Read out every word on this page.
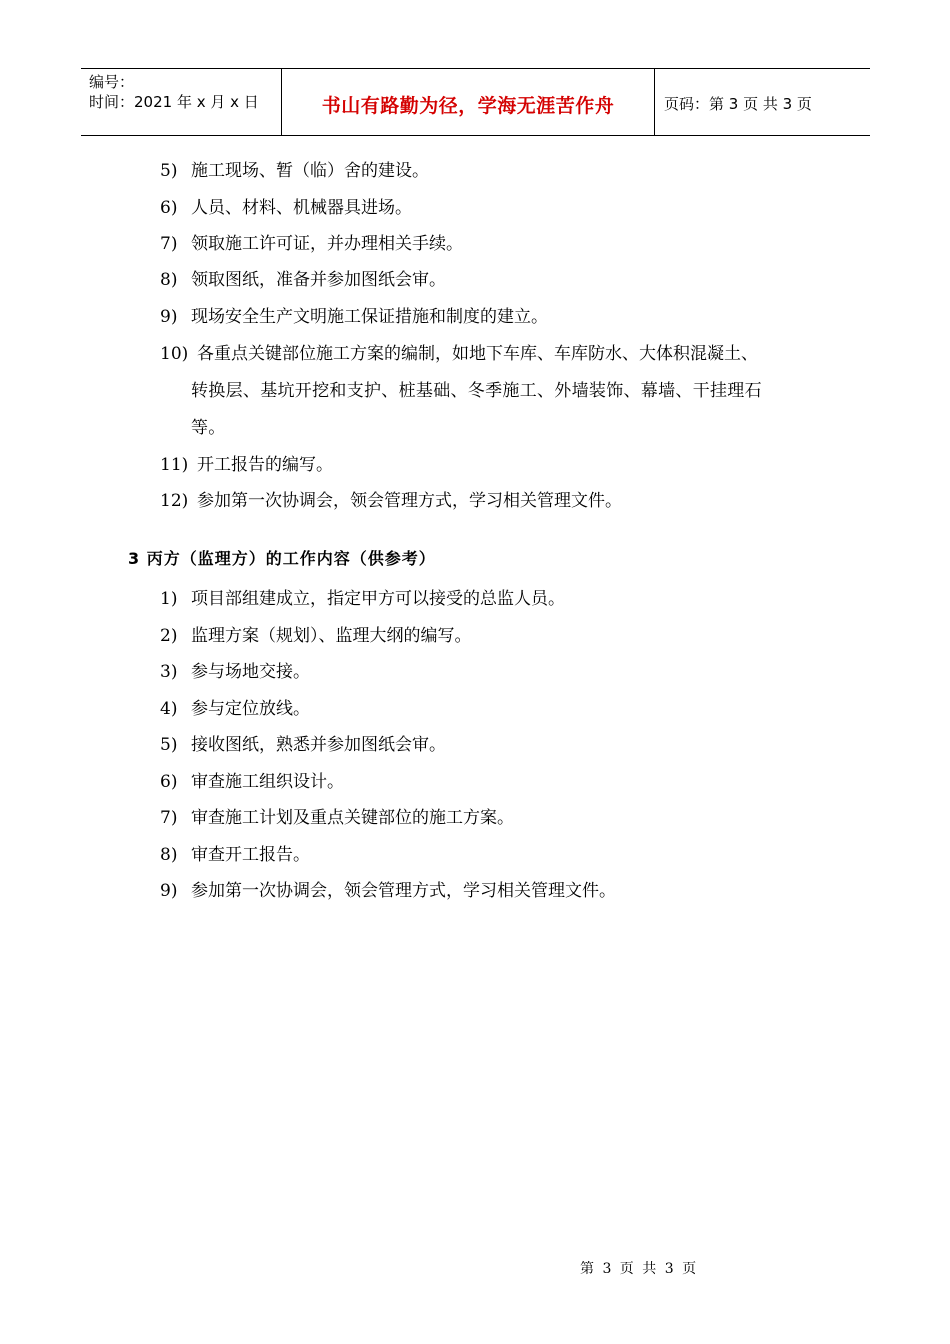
编号：
时间：2021 年 x 月 x 日	书山有路勤为径，学海无涯苦作舟	页码：第 3 页 共 3 页
5) 施工现场、暂（临）舍的建设。
6) 人员、材料、机械器具进场。
7) 领取施工许可证，并办理相关手续。
8) 领取图纸，准备并参加图纸会审。
9) 现场安全生产文明施工保证措施和制度的建立。
10) 各重点关键部位施工方案的编制，如地下车库、车库防水、大体积混凝土、
转换层、基坑开挖和支护、桩基础、冬季施工、外墙装饰、幕墙、干挂理石
等。
11) 开工报告的编写。
12) 参加第一次协调会，领会管理方式，学习相关管理文件。
3 丙方（监理方）的工作内容（供参考）
1) 项目部组建成立，指定甲方可以接受的总监人员。
2) 监理方案（规划）、监理大纲的编写。
3) 参与场地交接。
4) 参与定位放线。
5) 接收图纸，熟悉并参加图纸会审。
6) 审查施工组织设计。
7) 审查施工计划及重点关键部位的施工方案。
8) 审查开工报告。
9) 参加第一次协调会，领会管理方式，学习相关管理文件。
第 3 页 共 3 页
